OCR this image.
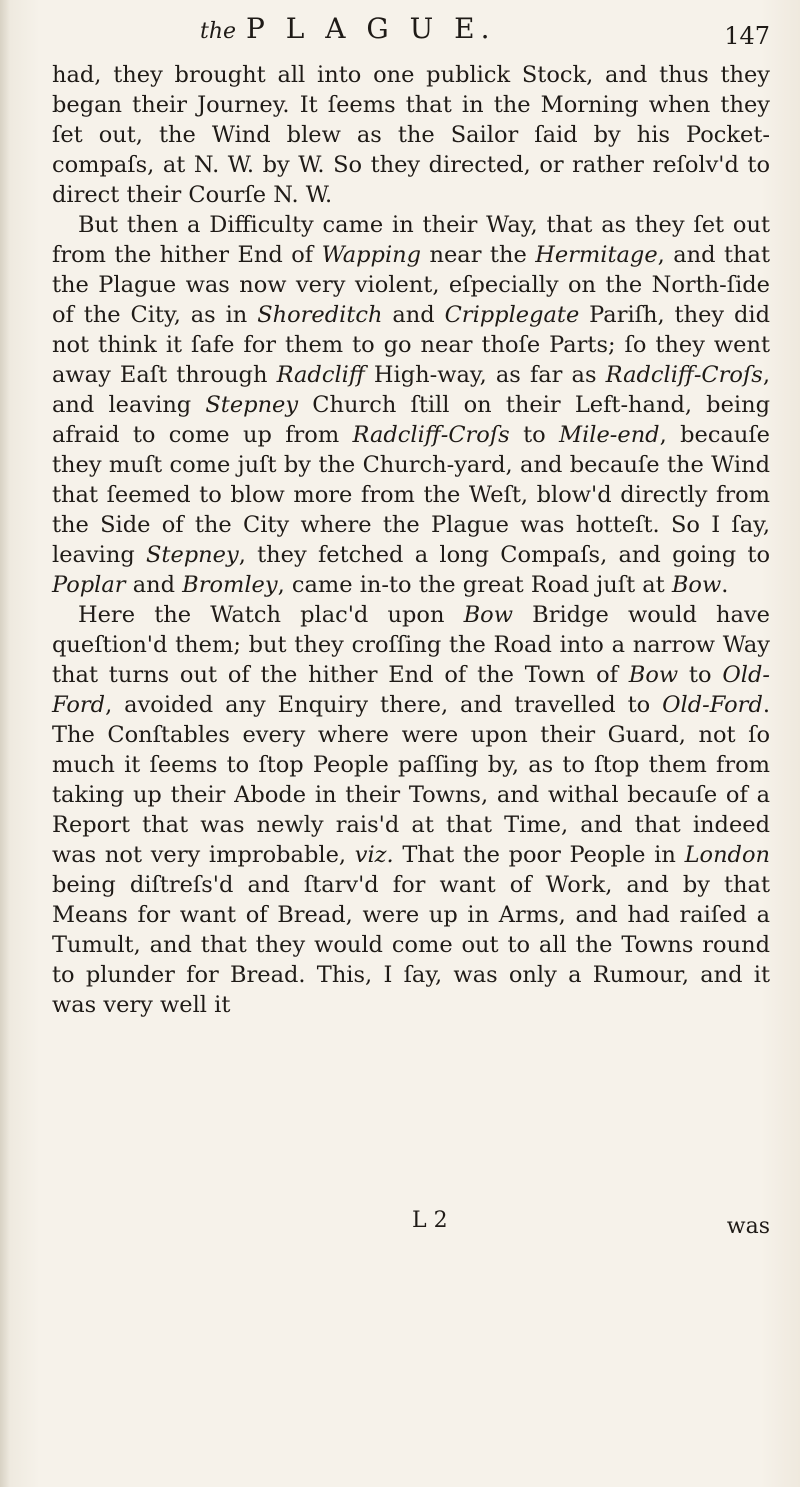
the P L A G U E.	147

had, they brought all into one publick Stock, and thus they began their Journey. It ſeems that in the Morning when they ſet out, the Wind blew as the Sailor ſaid by his Pocket-compaſs, at N. W. by W. So they directed, or rather reſolv'd to direct their Courſe N. W.

But then a Difficulty came in their Way, that as they ſet out from the hither End of Wapping near the Hermitage, and that the Plague was now very violent, eſpecially on the North-ſide of the City, as in Shoreditch and Cripplegate Pariſh, they did not think it ſafe for them to go near thoſe Parts; ſo they went away Eaſt through Radcliff High-way, as far as Radcliff-Croſs, and leaving Stepney Church ſtill on their Left-hand, being afraid to come up from Radcliff-Croſs to Mile-end, becauſe they muſt come juſt by the Church-yard, and becauſe the Wind that ſeemed to blow more from the Weſt, blow'd directly from the Side of the City where the Plague was hotteſt. So I ſay, leaving Stepney, they fetched a long Compaſs, and going to Poplar and Bromley, came in-to the great Road juſt at Bow.

Here the Watch plac'd upon Bow Bridge would have queſtion'd them; but they croſſing the Road into a narrow Way that turns out of the hither End of the Town of Bow to Old-Ford, avoided any Enquiry there, and travelled to Old-Ford. The Conſtables every where were upon their Guard, not ſo much it ſeems to ſtop People paſſing by, as to ſtop them from taking up their Abode in their Towns, and withal becauſe of a Report that was newly rais'd at that Time, and that indeed was not very improbable, viz. That the poor People in London being diſtreſs'd and ſtarv'd for want of Work, and by that Means for want of Bread, were up in Arms, and had raiſed a Tumult, and that they would come out to all the Towns round to plunder for Bread. This, I ſay, was only a Rumour, and it was very well it

L 2	was
